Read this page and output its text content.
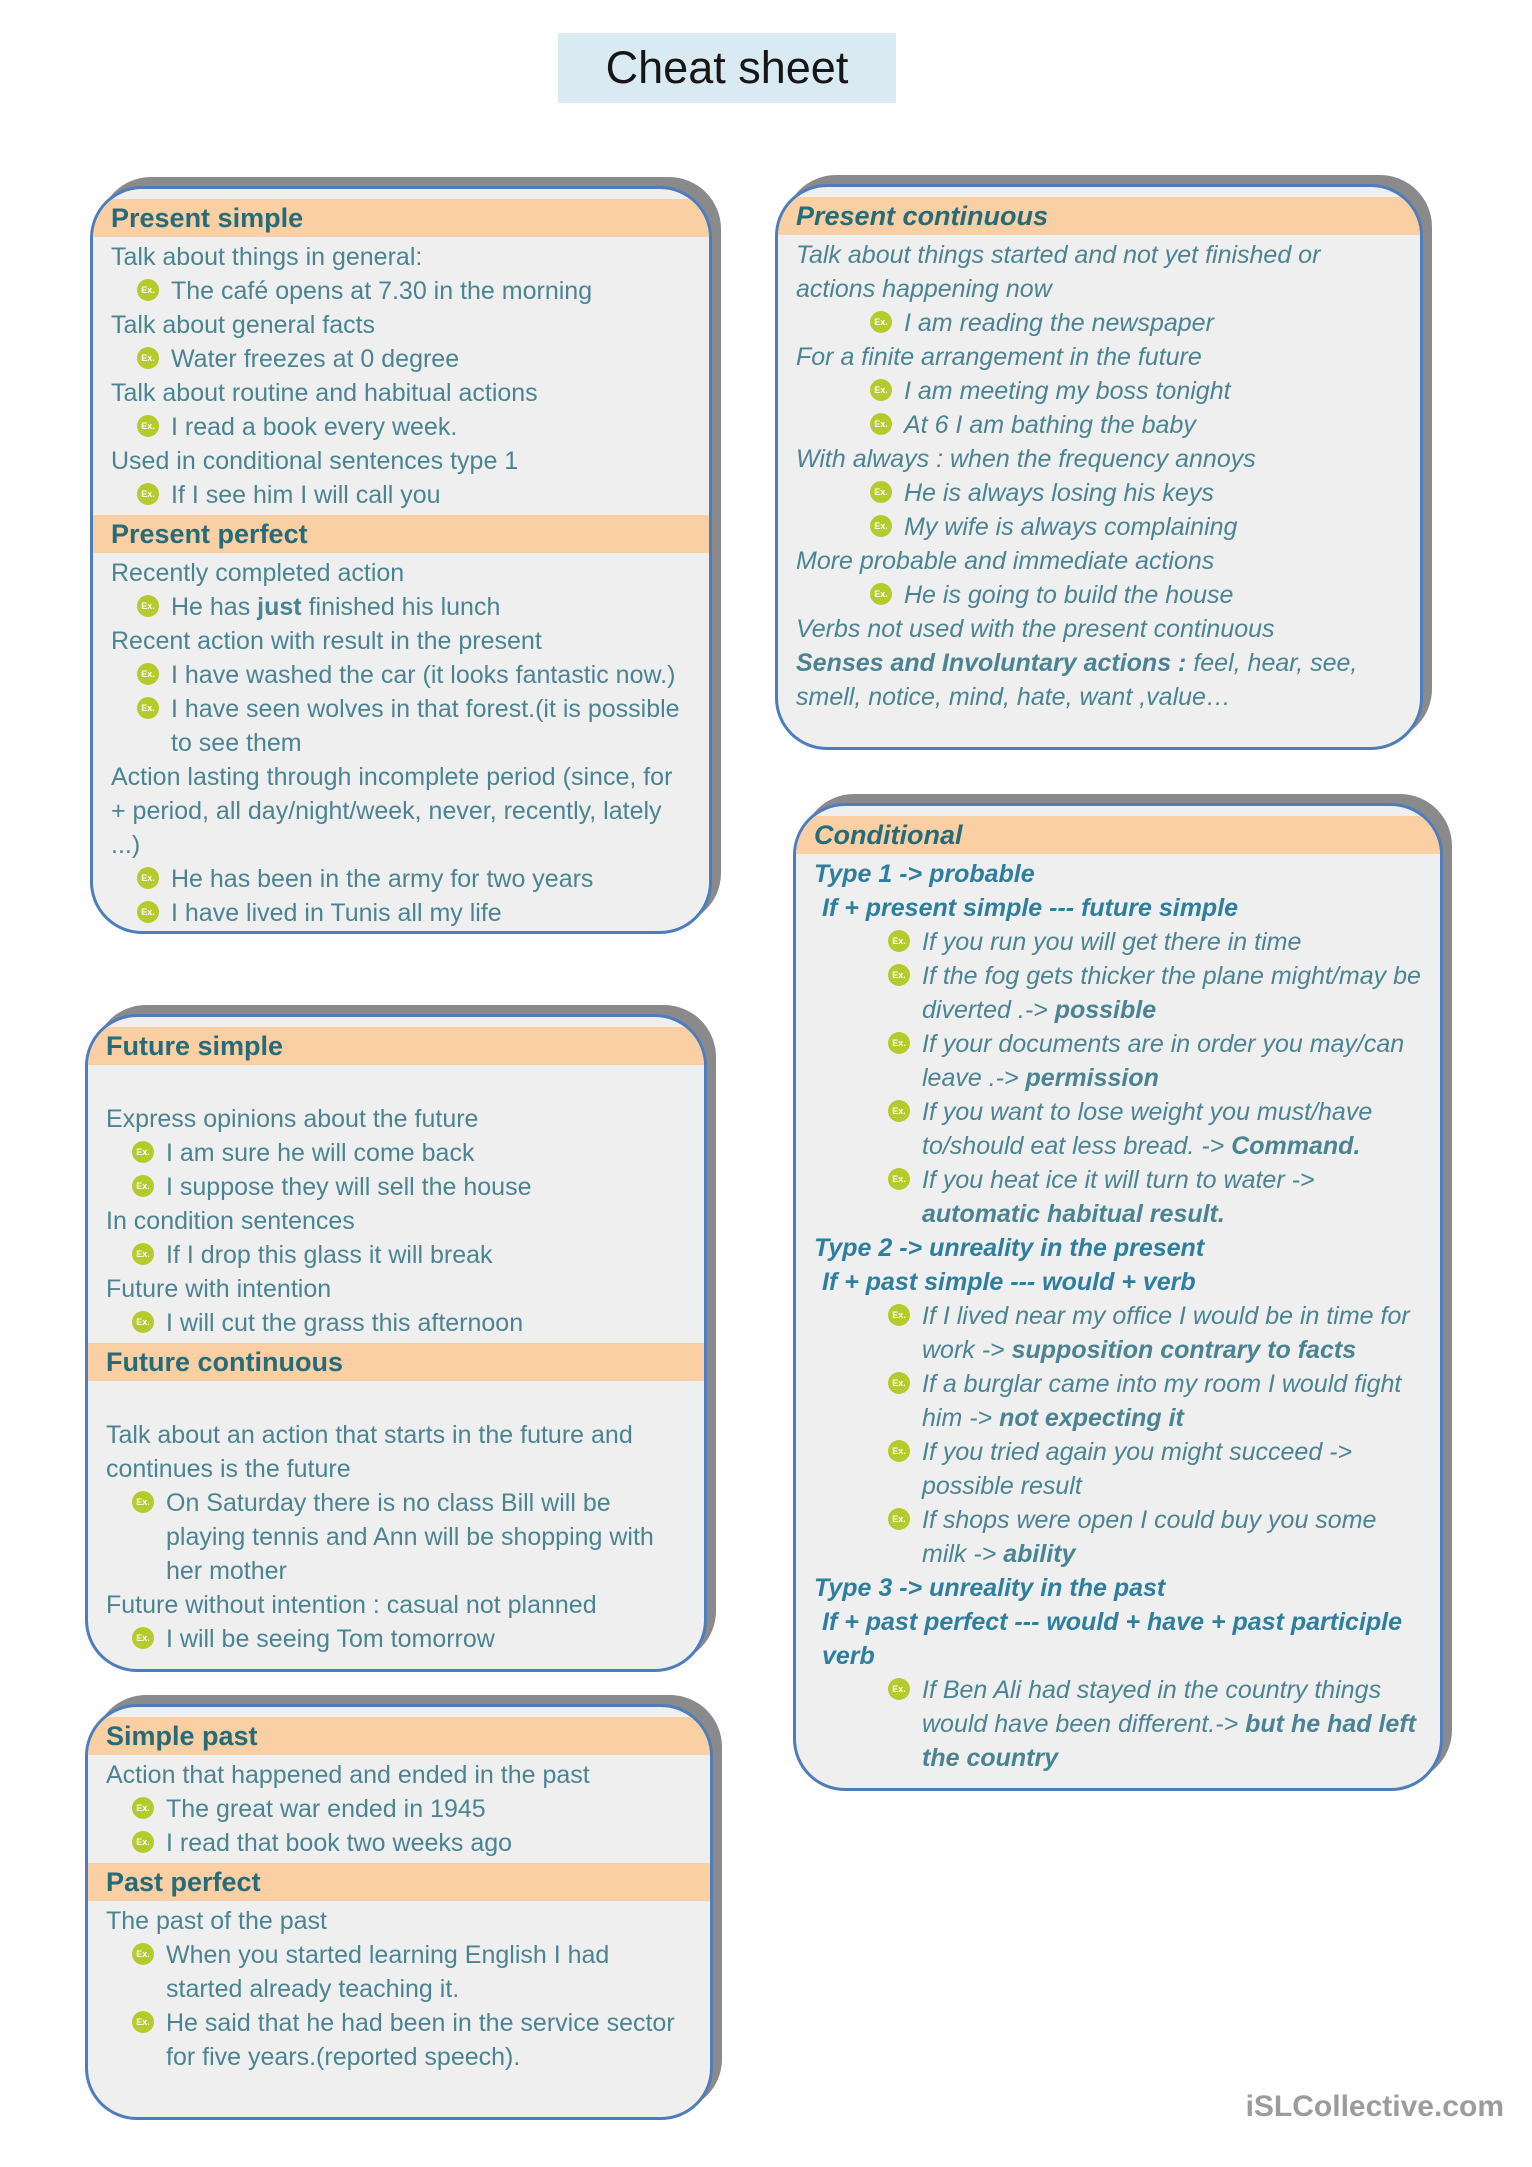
Cheat sheet
Present simple
Talk about things in general:
Ex. The café opens at 7.30 in the morning
Talk about general facts
Ex. Water freezes at 0 degree
Talk about routine and habitual actions
Ex. I read a book every week.
Used in conditional sentences type 1
Ex. If I see him I will call you
Present perfect
Recently completed action
Ex. He has just finished his lunch
Recent action with result in the present
Ex. I have washed the car (it looks fantastic now.)
Ex. I have seen wolves in that forest.(it is possible to see them
Action lasting through incomplete period (since, for + period, all day/night/week, never, recently, lately ...)
Ex. He has been in the army for two years
Ex. I have lived in Tunis all my life
Present continuous
Talk about things started and not yet finished or actions happening now
Ex. I am reading the newspaper
For a finite arrangement in the future
Ex. I am meeting my boss tonight
Ex. At 6 I am bathing the baby
With always : when the frequency annoys
Ex. He is always losing his keys
Ex. My wife is always complaining
More probable and immediate actions
Ex. He is going to build the house
Verbs not used with the present continuous
Senses and Involuntary actions : feel, hear, see, smell, notice, mind, hate, want ,value…
Conditional
Type 1 -> probable
If + present simple --- future simple
Ex. If you run you will get there in time
Ex. If the fog gets thicker the plane might/may be diverted .-> possible
Ex. If your documents are in order you may/can leave .-> permission
Ex. If you want to lose weight you must/have to/should eat less bread. -> Command.
Ex. If you heat ice it will turn to water -> automatic habitual result.
Type 2 -> unreality in the present
If + past simple --- would + verb
Ex. If I lived near my office I would be in time for work -> supposition contrary to facts
Ex. If a burglar came into my room I would fight him -> not expecting it
Ex. If you tried again you might succeed -> possible result
Ex. If shops were open I could buy you some milk -> ability
Type 3 -> unreality in the past
If + past perfect --- would + have + past participle verb
Ex. If Ben Ali had stayed in the country things would have been different.-> but he had left the country
Future simple
Express opinions about the future
Ex. I am sure he will come back
Ex. I suppose they will sell the house
In condition sentences
Ex. If I drop this glass it will break
Future with intention
Ex. I will cut the grass this afternoon
Future continuous
Talk about an action that starts in the future and continues is the future
Ex. On Saturday there is no class Bill will be playing tennis and Ann will be shopping with her mother
Future without intention : casual not planned
Ex. I will be seeing Tom tomorrow
Simple past
Action that happened and ended in the past
Ex. The great war ended in 1945
Ex. I read that book two weeks ago
Past perfect
The past of the past
Ex. When you started learning English I had started already teaching it.
Ex. He said that he had been in the service sector for five years.(reported speech).
iSLCollective.com
